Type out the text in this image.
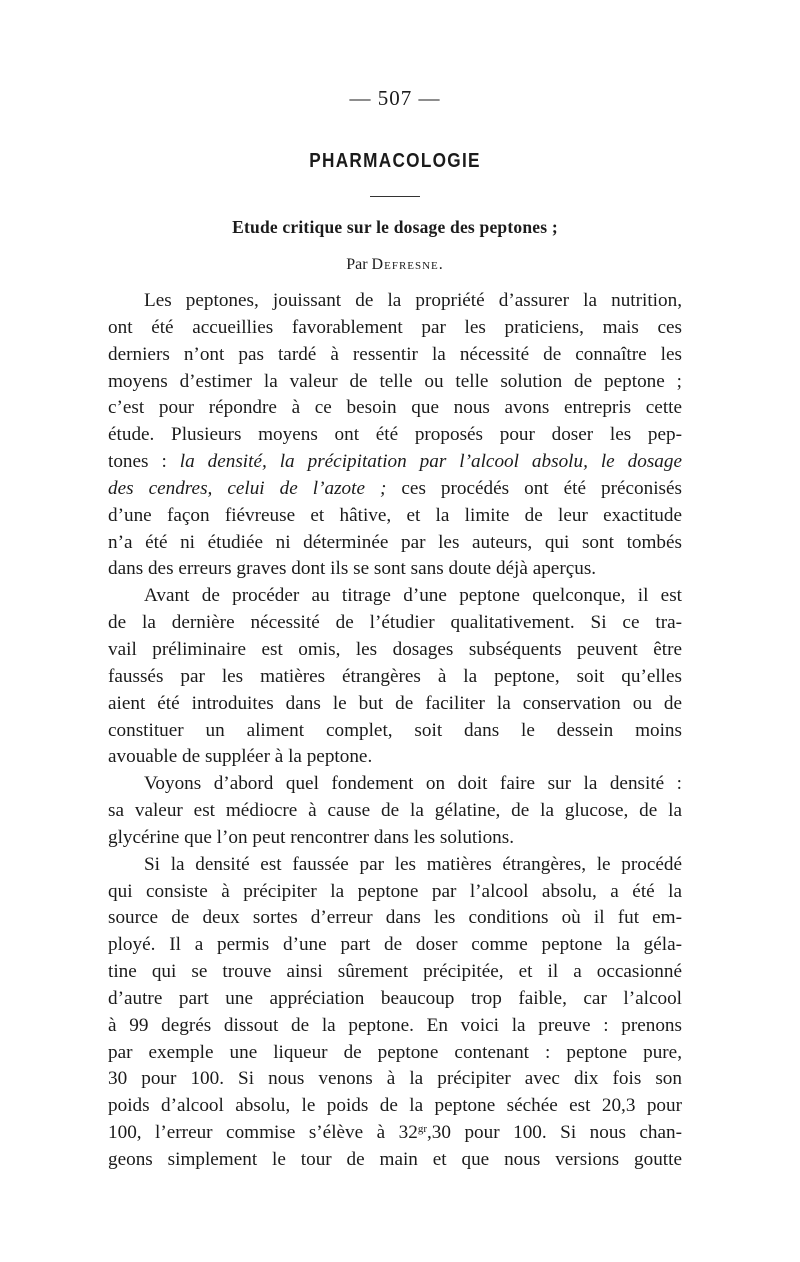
— 507 —
PHARMACOLOGIE
Etude critique sur le dosage des peptones ;
Par Defresne.
Les peptones, jouissant de la propriété d’assurer la nutrition,
ont été accueillies favorablement par les praticiens, mais ces
derniers n’ont pas tardé à ressentir la nécessité de connaître les
moyens d’estimer la valeur de telle ou telle solution de peptone ;
c’est pour répondre à ce besoin que nous avons entrepris cette
étude. Plusieurs moyens ont été proposés pour doser les pep-
tones : la densité, la précipitation par l’alcool absolu, le dosage
des cendres, celui de l’azote ; ces procédés ont été préconisés
d’une façon fiévreuse et hâtive, et la limite de leur exactitude
n’a été ni étudiée ni déterminée par les auteurs, qui sont tombés
dans des erreurs graves dont ils se sont sans doute déjà aperçus.
Avant de procéder au titrage d’une peptone quelconque, il est
de la dernière nécessité de l’étudier qualitativement. Si ce tra-
vail préliminaire est omis, les dosages subséquents peuvent être
faussés par les matières étrangères à la peptone, soit qu’elles
aient été introduites dans le but de faciliter la conservation ou de
constituer un aliment complet, soit dans le dessein moins
avouable de suppléer à la peptone.
Voyons d’abord quel fondement on doit faire sur la densité :
sa valeur est médiocre à cause de la gélatine, de la glucose, de la
glycérine que l’on peut rencontrer dans les solutions.
Si la densité est faussée par les matières étrangères, le procédé
qui consiste à précipiter la peptone par l’alcool absolu, a été la
source de deux sortes d’erreur dans les conditions où il fut em-
ployé. Il a permis d’une part de doser comme peptone la géla-
tine qui se trouve ainsi sûrement précipitée, et il a occasionné
d’autre part une appréciation beaucoup trop faible, car l’alcool
à 99 degrés dissout de la peptone. En voici la preuve : prenons
par exemple une liqueur de peptone contenant : peptone pure,
30 pour 100. Si nous venons à la précipiter avec dix fois son
poids d’alcool absolu, le poids de la peptone séchée est 20,3 pour
100, l’erreur commise s’élève à $32^{gr},30$ pour 100. Si nous chan-
geons simplement le tour de main et que nous versions goutte
